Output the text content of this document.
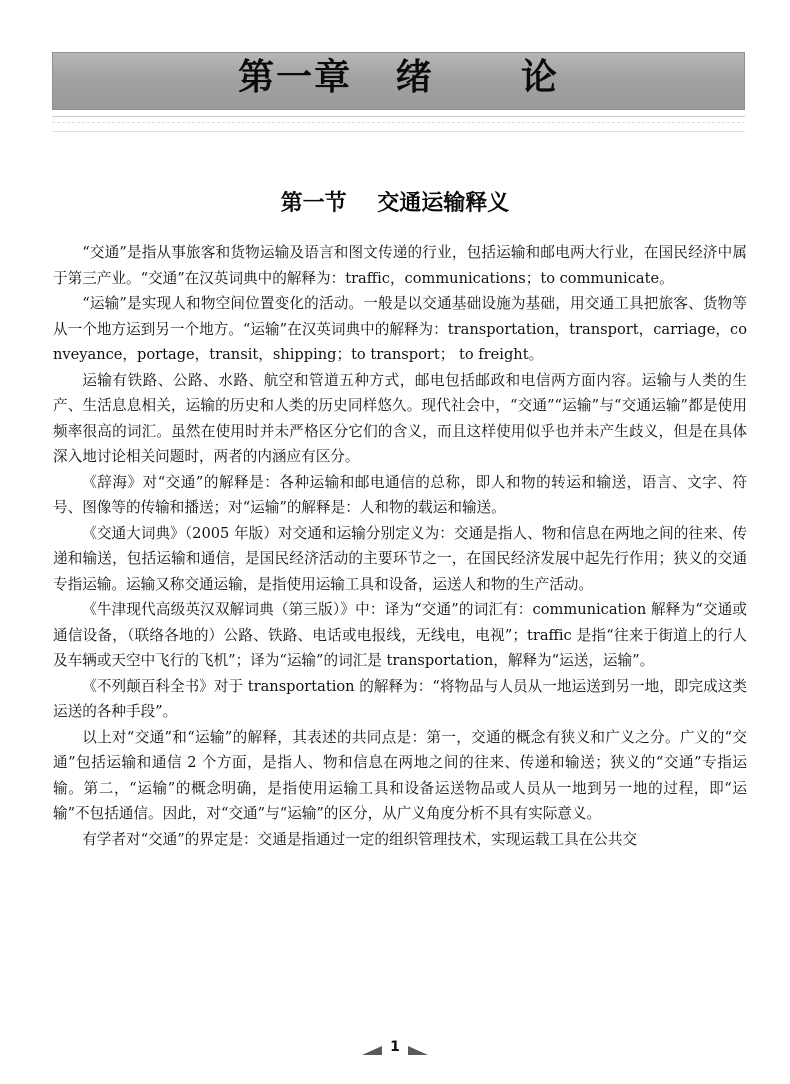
第一章   绪      论
第一节    交通运输释义

“交通”是指从事旅客和货物运输及语言和图文传递的行业，包括运输和邮电两大行业，在国民经济中属于第三产业。“交通”在汉英词典中的解释为：traffic，communications；to communicate。

“运输”是实现人和物空间位置变化的活动。一般是以交通基础设施为基础，用交通工具把旅客、货物等从一个地方运到另一个地方。“运输”在汉英词典中的解释为：transportation，transport，carriage，conveyance，portage，transit，shipping；to transport； to freight。

运输有铁路、公路、水路、航空和管道五种方式，邮电包括邮政和电信两方面内容。运输与人类的生产、生活息息相关，运输的历史和人类的历史同样悠久。现代社会中，“交通”“运输”与“交通运输”都是使用频率很高的词汇。虽然在使用时并未严格区分它们的含义，而且这样使用似乎也并未产生歧义，但是在具体深入地讨论相关问题时，两者的内涵应有区分。

《辞海》对“交通”的解释是：各种运输和邮电通信的总称，即人和物的转运和输送，语言、文字、符号、图像等的传输和播送；对“运输”的解释是：人和物的载运和输送。

《交通大词典》（2005 年版）对交通和运输分别定义为：交通是指人、物和信息在两地之间的往来、传递和输送，包括运输和通信，是国民经济活动的主要环节之一，在国民经济发展中起先行作用；狭义的交通专指运输。运输又称交通运输，是指使用运输工具和设备，运送人和物的生产活动。

《牛津现代高级英汉双解词典（第三版）》中：译为“交通”的词汇有：communication 解释为“交通或通信设备，（联络各地的）公路、铁路、电话或电报线，无线电，电视”；traffic 是指“往来于街道上的行人及车辆或天空中飞行的飞机”；译为“运输”的词汇是 transportation，解释为“运送，运输”。

《不列颠百科全书》对于 transportation 的解释为：“将物品与人员从一地运送到另一地，即完成这类运送的各种手段”。

以上对“交通”和“运输”的解释，其表述的共同点是：第一，交通的概念有狭义和广义之分。广义的“交通”包括运输和通信 2 个方面，是指人、物和信息在两地之间的往来、传递和输送；狭义的“交通”专指运输。第二，“运输”的概念明确，是指使用运输工具和设备运送物品或人员从一地到另一地的过程，即“运输”不包括通信。因此，对“交通”与“运输”的区分，从广义角度分析不具有实际意义。

有学者对“交通”的界定是：交通是指通过一定的组织管理技术，实现运载工具在公共交

1
